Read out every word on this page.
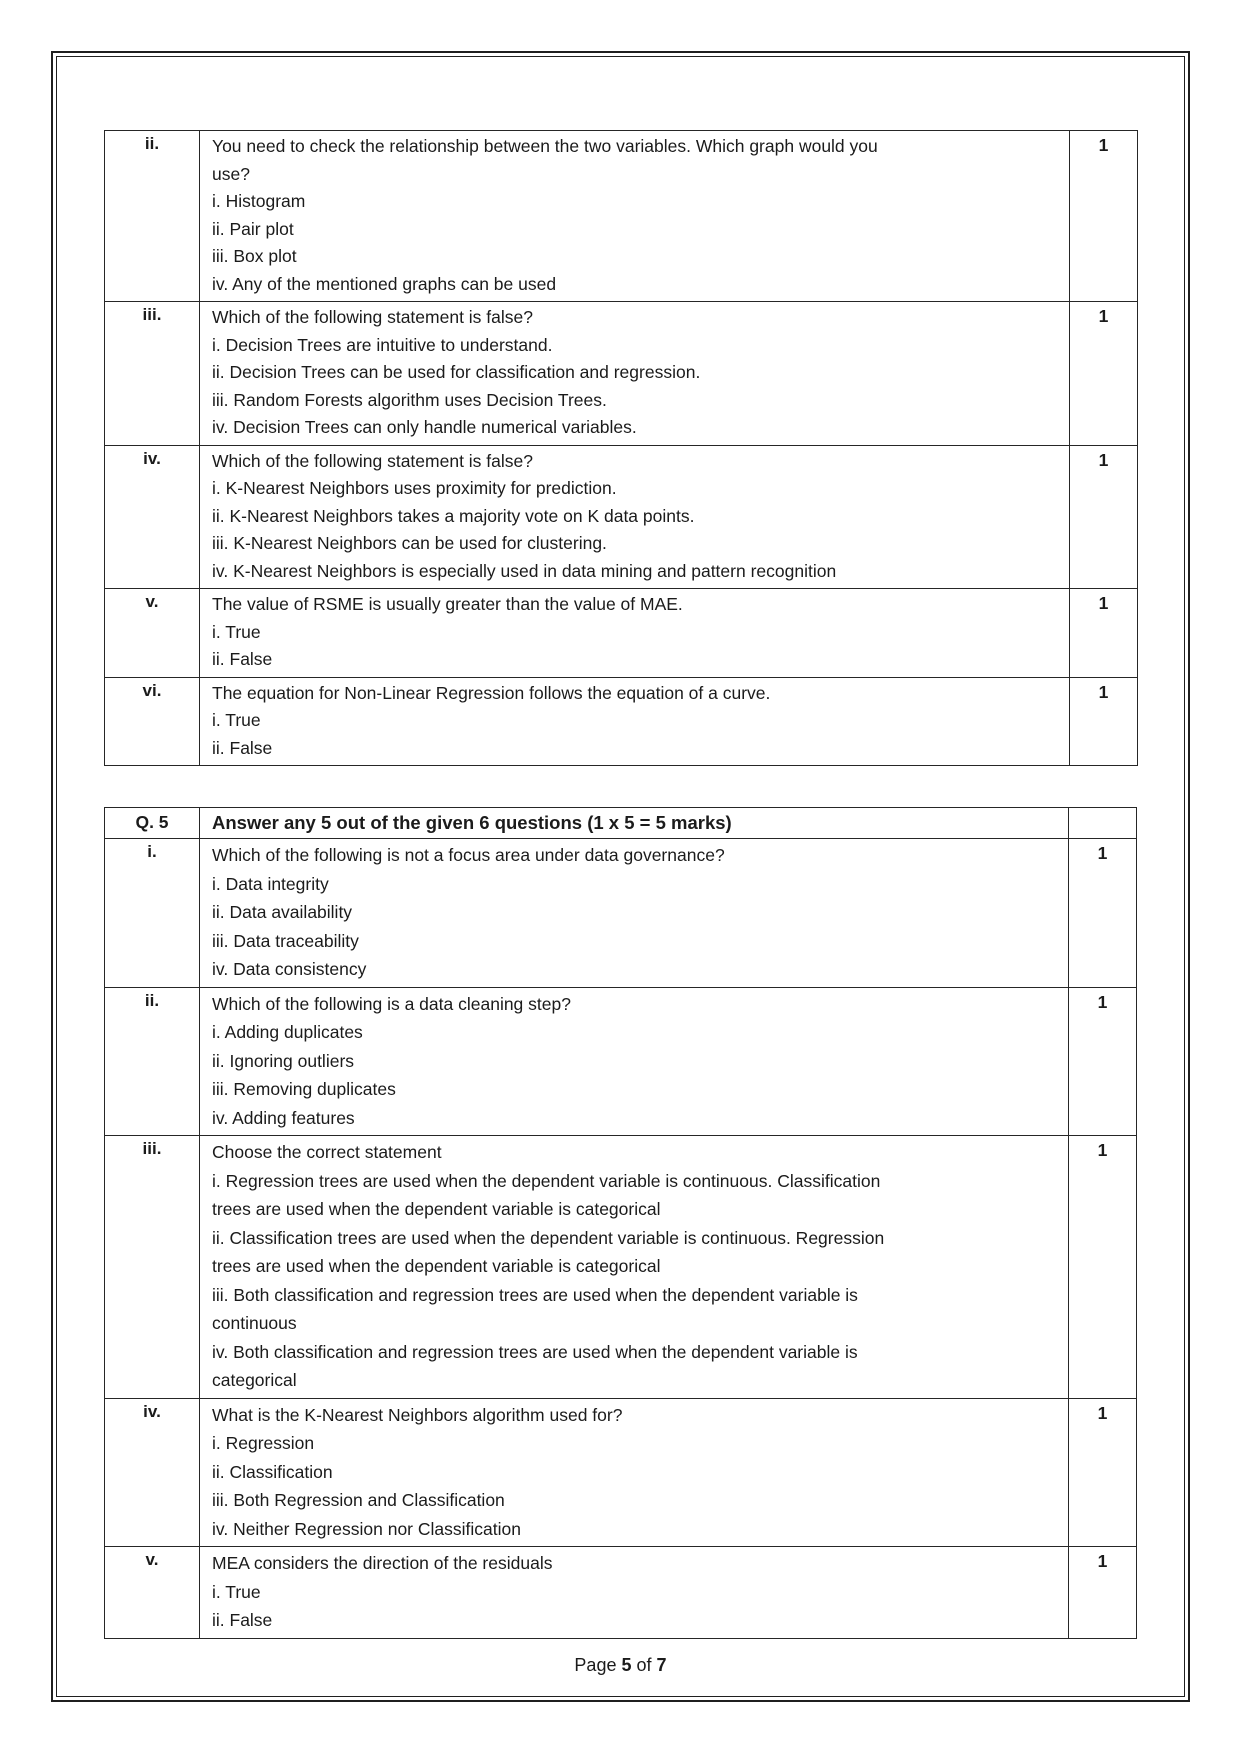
ii.	You need to check the relationship between the two variables. Which graph would you
use?
i. Histogram
ii. Pair plot
iii. Box plot
iv. Any of the mentioned graphs can be used
	1
iii.	Which of the following statement is false?
i. Decision Trees are intuitive to understand.
ii. Decision Trees can be used for classification and regression.
iii. Random Forests algorithm uses Decision Trees.
iv. Decision Trees can only handle numerical variables.	1
iv.	Which of the following statement is false?
i. K-Nearest Neighbors uses proximity for prediction.
ii. K-Nearest Neighbors takes a majority vote on K data points.
iii. K-Nearest Neighbors can be used for clustering.
iv. K-Nearest Neighbors is especially used in data mining and pattern recognition	1
v.	The value of RSME is usually greater than the value of MAE.
i. True
ii. False	1
vi.	The equation for Non-Linear Regression follows the equation of a curve.
i. True
ii. False	1
Q. 5	Answer any 5 out of the given 6 questions (1 x 5 = 5 marks)	
i.	Which of the following is not a focus area under data governance?
i. Data integrity
ii. Data availability
iii. Data traceability
iv. Data consistency	1
ii.	Which of the following is a data cleaning step?
i. Adding duplicates
ii. Ignoring outliers
iii. Removing duplicates
iv. Adding features	1
iii.	Choose the correct statement
i. Regression trees are used when the dependent variable is continuous. Classification
trees are used when the dependent variable is categorical
ii. Classification trees are used when the dependent variable is continuous. Regression
trees are used when the dependent variable is categorical
iii. Both classification and regression trees are used when the dependent variable is
continuous
iv. Both classification and regression trees are used when the dependent variable is
categorical
	1
iv.	What is the K-Nearest Neighbors algorithm used for?
i. Regression
ii. Classification
iii. Both Regression and Classification
iv. Neither Regression nor Classification	1
v.	MEA considers the direction of the residuals
i. True
ii. False	1
Page 5 of 7
